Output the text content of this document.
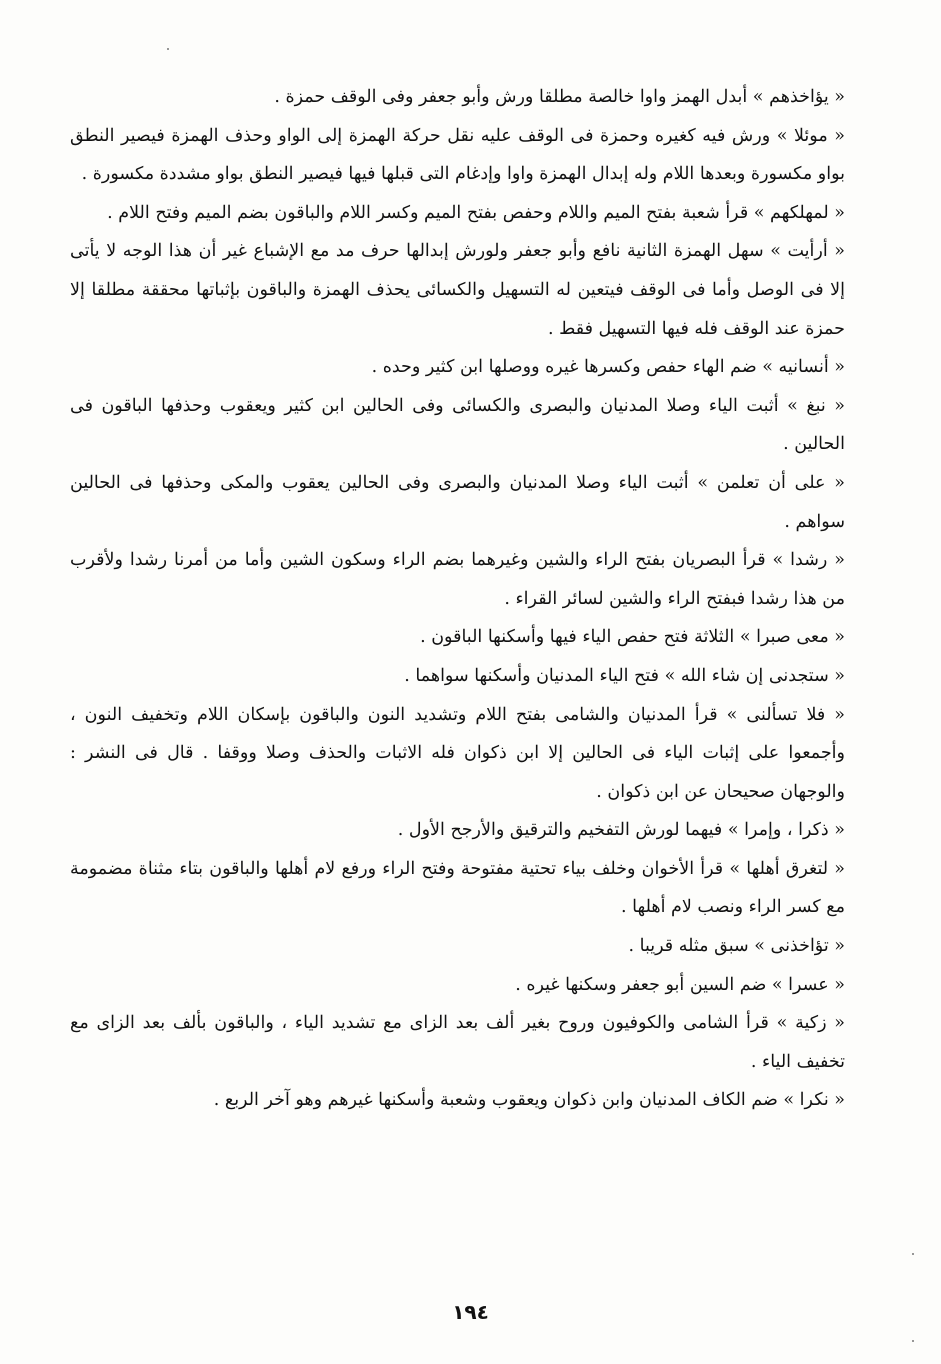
« يؤاخذهم » أبدل الهمز واوا خالصة مطلقا ورش وأبو جعفر وفى الوقف حمزة .

« موئلا » ورش فيه كغيره وحمزة فى الوقف عليه نقل حركة الهمزة إلى الواو وحذف الهمزة فيصير النطق بواو مكسورة وبعدها اللام وله إبدال الهمزة واوا وإدغام التى قبلها فيها فيصير النطق بواو مشددة مكسورة .

« لمهلكهم » قرأ شعبة بفتح الميم واللام وحفص بفتح الميم وكسر اللام والباقون بضم الميم وفتح اللام .

« أرأيت » سهل الهمزة الثانية نافع وأبو جعفر ولورش إبدالها حرف مد مع الإشباع غير أن هذا الوجه لا يأتى إلا فى الوصل وأما فى الوقف فيتعين له التسهيل والكسائى يحذف الهمزة والباقون بإثباتها محققة مطلقا إلا حمزة عند الوقف فله فيها التسهيل فقط .

« أنسانيه » ضم الهاء حفص وكسرها غيره ووصلها ابن كثير وحده .

« نبغ » أثبت الياء وصلا المدنيان والبصرى والكسائى وفى الحالين ابن كثير ويعقوب وحذفها الباقون فى الحالين .

« على أن تعلمن » أثبت الياء وصلا المدنيان والبصرى وفى الحالين يعقوب والمكى وحذفها فى الحالين سواهم .

« رشدا » قرأ البصريان بفتح الراء والشين وغيرهما بضم الراء وسكون الشين وأما من أمرنا رشدا ولأقرب من هذا رشدا فبفتح الراء والشين لسائر القراء .

« معى صبرا » الثلاثة فتح حفص الياء فيها وأسكنها الباقون .

« ستجدنى إن شاء الله » فتح الياء المدنيان وأسكنها سواهما .

« فلا تسألنى » قرأ المدنيان والشامى بفتح اللام وتشديد النون والباقون بإسكان اللام وتخفيف النون ، وأجمعوا على إثبات الياء فى الحالين إلا ابن ذكوان فله الاثبات والحذف وصلا ووقفا . قال فى النشر : والوجهان صحيحان عن ابن ذكوان .

« ذكرا ، وإمرا » فيهما لورش التفخيم والترقيق والأرجح الأول .

« لتغرق أهلها » قرأ الأخوان وخلف بياء تحتية مفتوحة وفتح الراء ورفع لام أهلها والباقون بتاء مثناة مضمومة مع كسر الراء ونصب لام أهلها .

« تؤاخذنى » سبق مثله قريبا .

« عسرا » ضم السين أبو جعفر وسكنها غيره .

« زكية » قرأ الشامى والكوفيون وروح بغير ألف بعد الزاى مع تشديد الياء ، والباقون بألف بعد الزاى مع تخفيف الياء .

« نكرا » ضم الكاف المدنيان وابن ذكوان ويعقوب وشعبة وأسكنها غيرهم وهو آخر الربع .

١٩٤
